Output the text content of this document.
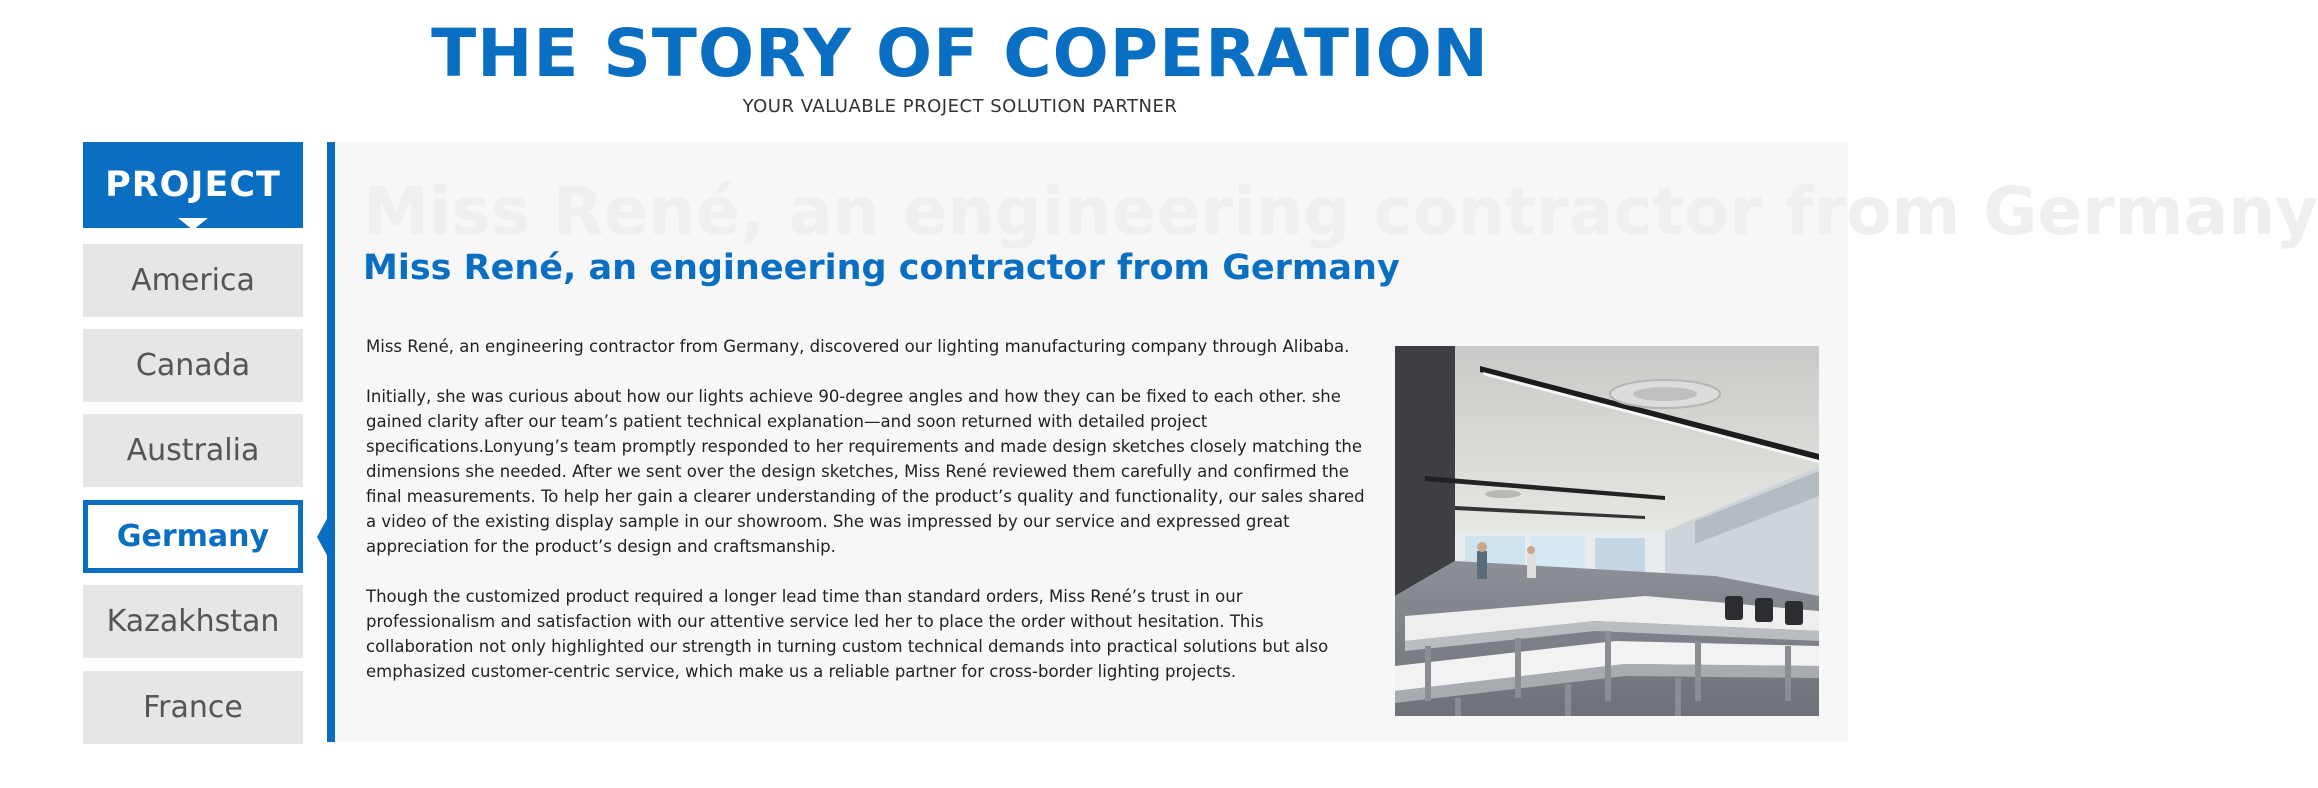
THE STORY OF COPERATION
YOUR VALUABLE PROJECT SOLUTION PARTNER
PROJECT
America
Canada
Australia
Germany
Kazakhstan
France
Miss René, an engineering contractor from Germany
Miss René, an engineering contractor from Germany

Miss René, an engineering contractor from Germany, discovered our lighting manufacturing company through Alibaba.

Initially, she was curious about how our lights achieve 90-degree angles and how they can be fixed to each other. she gained clarity after our team’s patient technical explanation—and soon returned with detailed project specifications.Lonyung’s team promptly responded to her requirements and made design sketches closely matching the dimensions she needed. After we sent over the design sketches, Miss René reviewed them carefully and confirmed the final measurements. To help her gain a clearer understanding of the product’s quality and functionality, our sales shared a video of the existing display sample in our showroom. She was impressed by our service and expressed great appreciation for the product’s design and craftsmanship.

Though the customized product required a longer lead time than standard orders, Miss René’s trust in our professionalism and satisfaction with our attentive service led her to place the order without hesitation. This collaboration not only highlighted our strength in turning custom technical demands into practical solutions but also emphasized customer-centric service, which make us a reliable partner for cross-border lighting projects.
